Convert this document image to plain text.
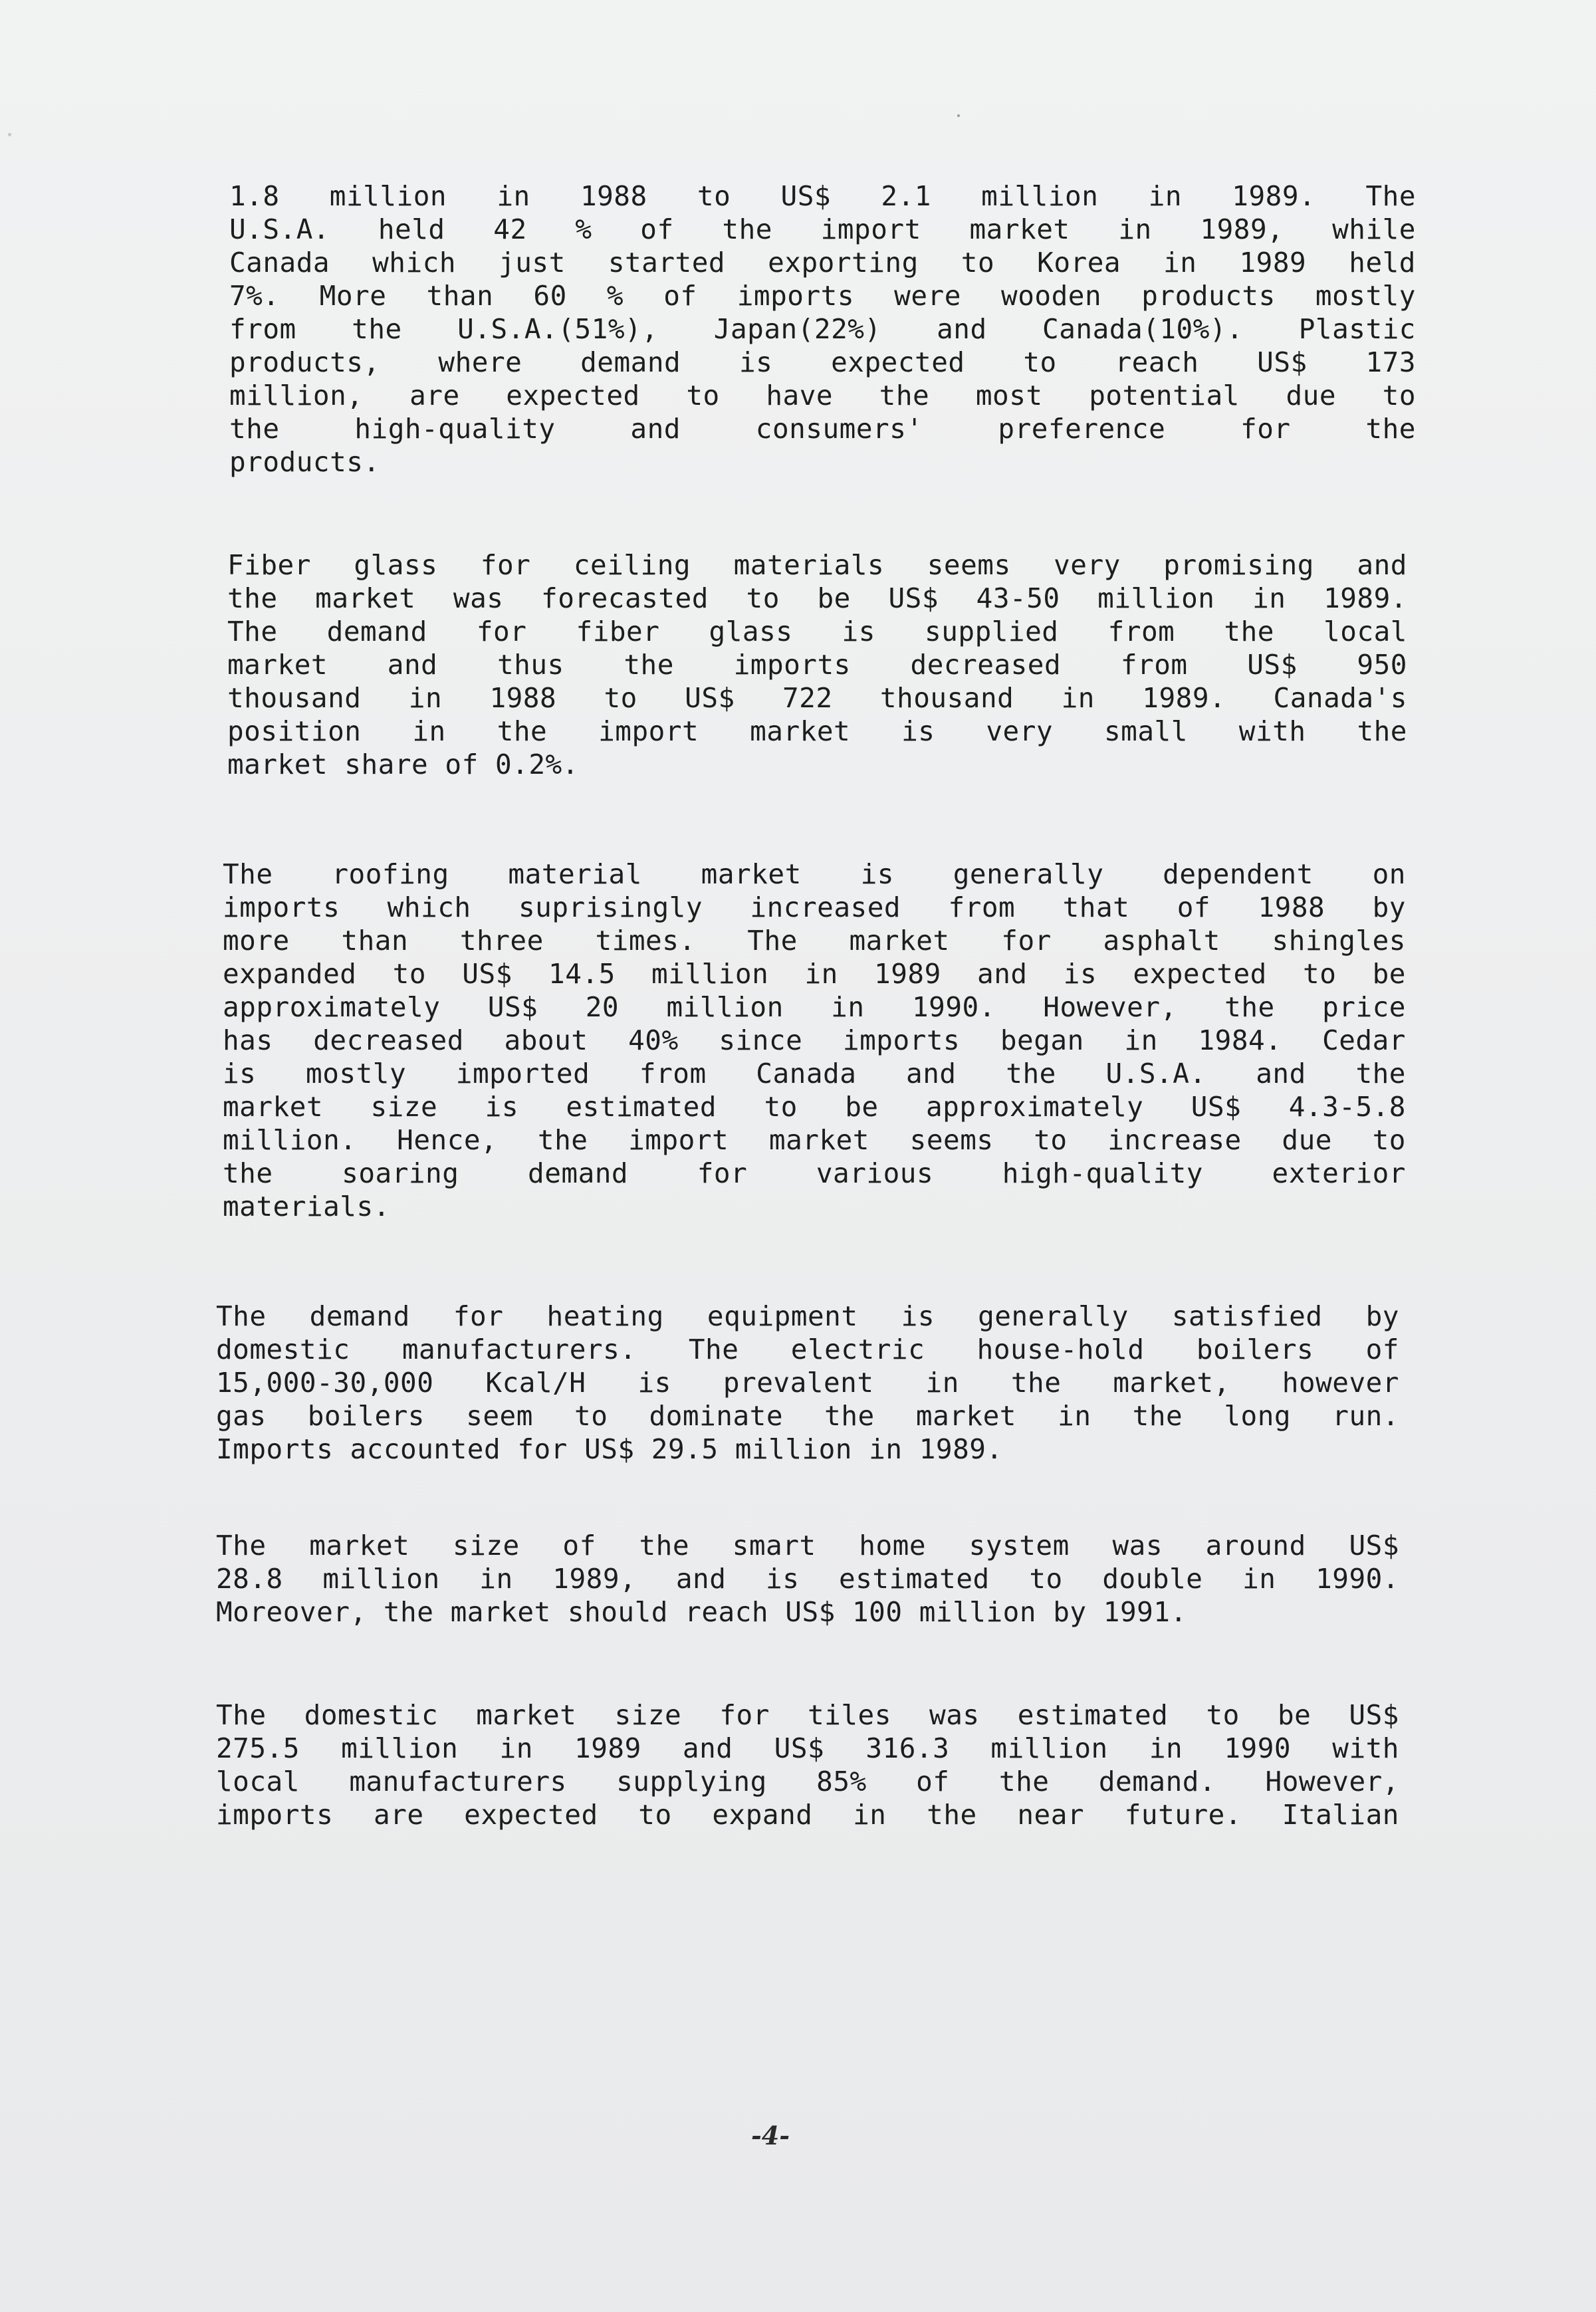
1.8 million in 1988 to US$ 2.1 million in 1989. The
U.S.A. held 42 % of the import market in 1989, while
Canada which just started exporting to Korea in 1989 held
7%. More than 60 % of imports were wooden products mostly
from the U.S.A.(51%), Japan(22%) and Canada(10%). Plastic
products, where demand is expected to reach US$ 173
million, are expected to have the most potential due to
the high-quality and consumers' preference for the
products.

Fiber glass for ceiling materials seems very promising and
the market was forecasted to be US$ 43-50 million in 1989.
The demand for fiber glass is supplied from the local
market and thus the imports decreased from US$ 950
thousand in 1988 to US$ 722 thousand in 1989. Canada's
position in the import market is very small with the
market share of 0.2%.

The roofing material market is generally dependent on
imports which suprisingly increased from that of 1988 by
more than three times. The market for asphalt shingles
expanded to US$ 14.5 million in 1989 and is expected to be
approximately US$ 20 million in 1990. However, the price
has decreased about 40% since imports began in 1984. Cedar
is mostly imported from Canada and the U.S.A. and the
market size is estimated to be approximately US$ 4.3-5.8
million. Hence, the import market seems to increase due to
the soaring demand for various high-quality exterior
materials.

The demand for heating equipment is generally satisfied by
domestic manufacturers. The electric house-hold boilers of
15,000-30,000 Kcal/H is prevalent in the market, however
gas boilers seem to dominate the market in the long run.
Imports accounted for US$ 29.5 million in 1989.

The market size of the smart home system was around US$
28.8 million in 1989, and is estimated to double in 1990.
Moreover, the market should reach US$ 100 million by 1991.

The domestic market size for tiles was estimated to be US$
275.5 million in 1989 and US$ 316.3 million in 1990 with
local manufacturers supplying 85% of the demand. However,
imports are expected to expand in the near future. Italian

-4-
